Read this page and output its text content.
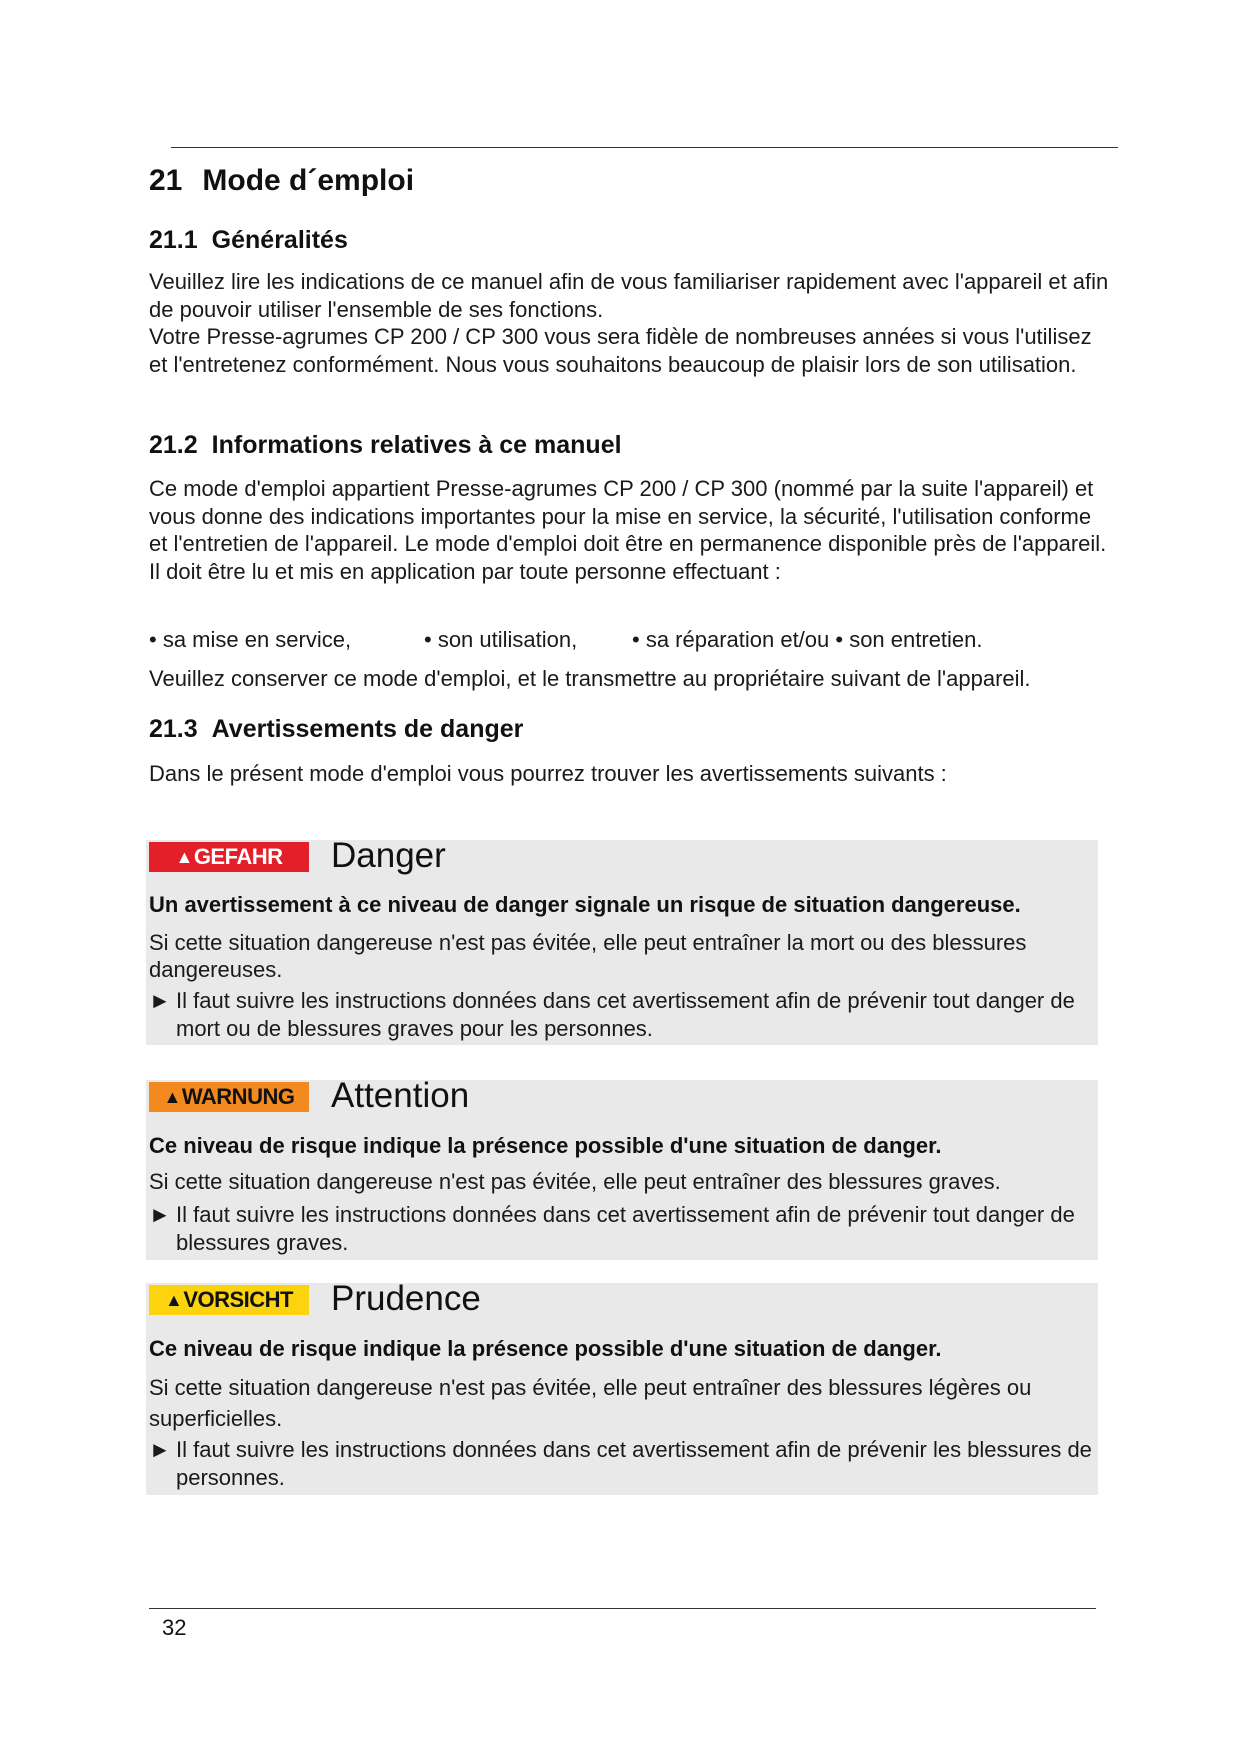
21 Mode d´emploi
21.1 Généralités

Veuillez lire les indications de ce manuel afin de vous familiariser rapidement avec l'appareil et afin de pouvoir utiliser l'ensemble de ses fonctions.

Votre Presse-agrumes CP 200 / CP 300 vous sera fidèle de nombreuses années si vous l'utilisez et l'entretenez conformément. Nous vous souhaitons beaucoup de plaisir lors de son utilisation.

21.2 Informations relatives à ce manuel

Ce mode d'emploi appartient Presse-agrumes CP 200 / CP 300 (nommé par la suite l'appareil) et vous donne des indications importantes pour la mise en service, la sécurité, l'utilisation conforme et l'entretien de l'appareil. Le mode d'emploi doit être en permanence disponible près de l'appareil. Il doit être lu et mis en application par toute personne effectuant :

• sa mise en service,	• son utilisation, • sa réparation et/ou • son entretien.

Veuillez conserver ce mode d'emploi, et le transmettre au propriétaire suivant de l'appareil.

21.3 Avertissements de danger

Dans le présent mode d'emploi vous pourrez trouver les avertissements suivants :

▲ GEFAHR Danger
Un avertissement à ce niveau de danger signale un risque de situation dangereuse.
Si cette situation dangereuse n'est pas évitée, elle peut entraîner la mort ou des blessures dangereuses.
► Il faut suivre les instructions données dans cet avertissement afin de prévenir tout danger de mort ou de blessures graves pour les personnes.
▲ WARNUNG Attention
Ce niveau de risque indique la présence possible d'une situation de danger.
Si cette situation dangereuse n'est pas évitée, elle peut entraîner des blessures graves.
► Il faut suivre les instructions données dans cet avertissement afin de prévenir tout danger de blessures graves.
▲ VORSICHT Prudence
Ce niveau de risque indique la présence possible d'une situation de danger.
Si cette situation dangereuse n'est pas évitée, elle peut entraîner des blessures légères ou superficielles.
► Il faut suivre les instructions données dans cet avertissement afin de prévenir les blessures de personnes.
32
